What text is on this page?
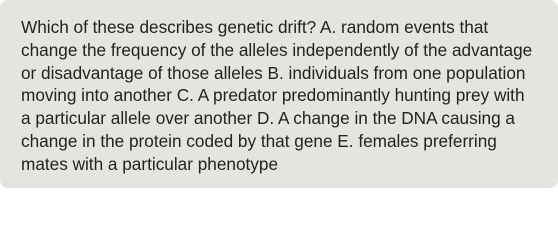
Which of these describes genetic drift? A. random events that change the frequency of the alleles independently of the advantage or disadvantage of those alleles B. individuals from one population moving into another C. A predator predominantly hunting prey with a particular allele over another D. A change in the DNA causing a change in the protein coded by that gene E. females preferring mates with a particular phenotype
